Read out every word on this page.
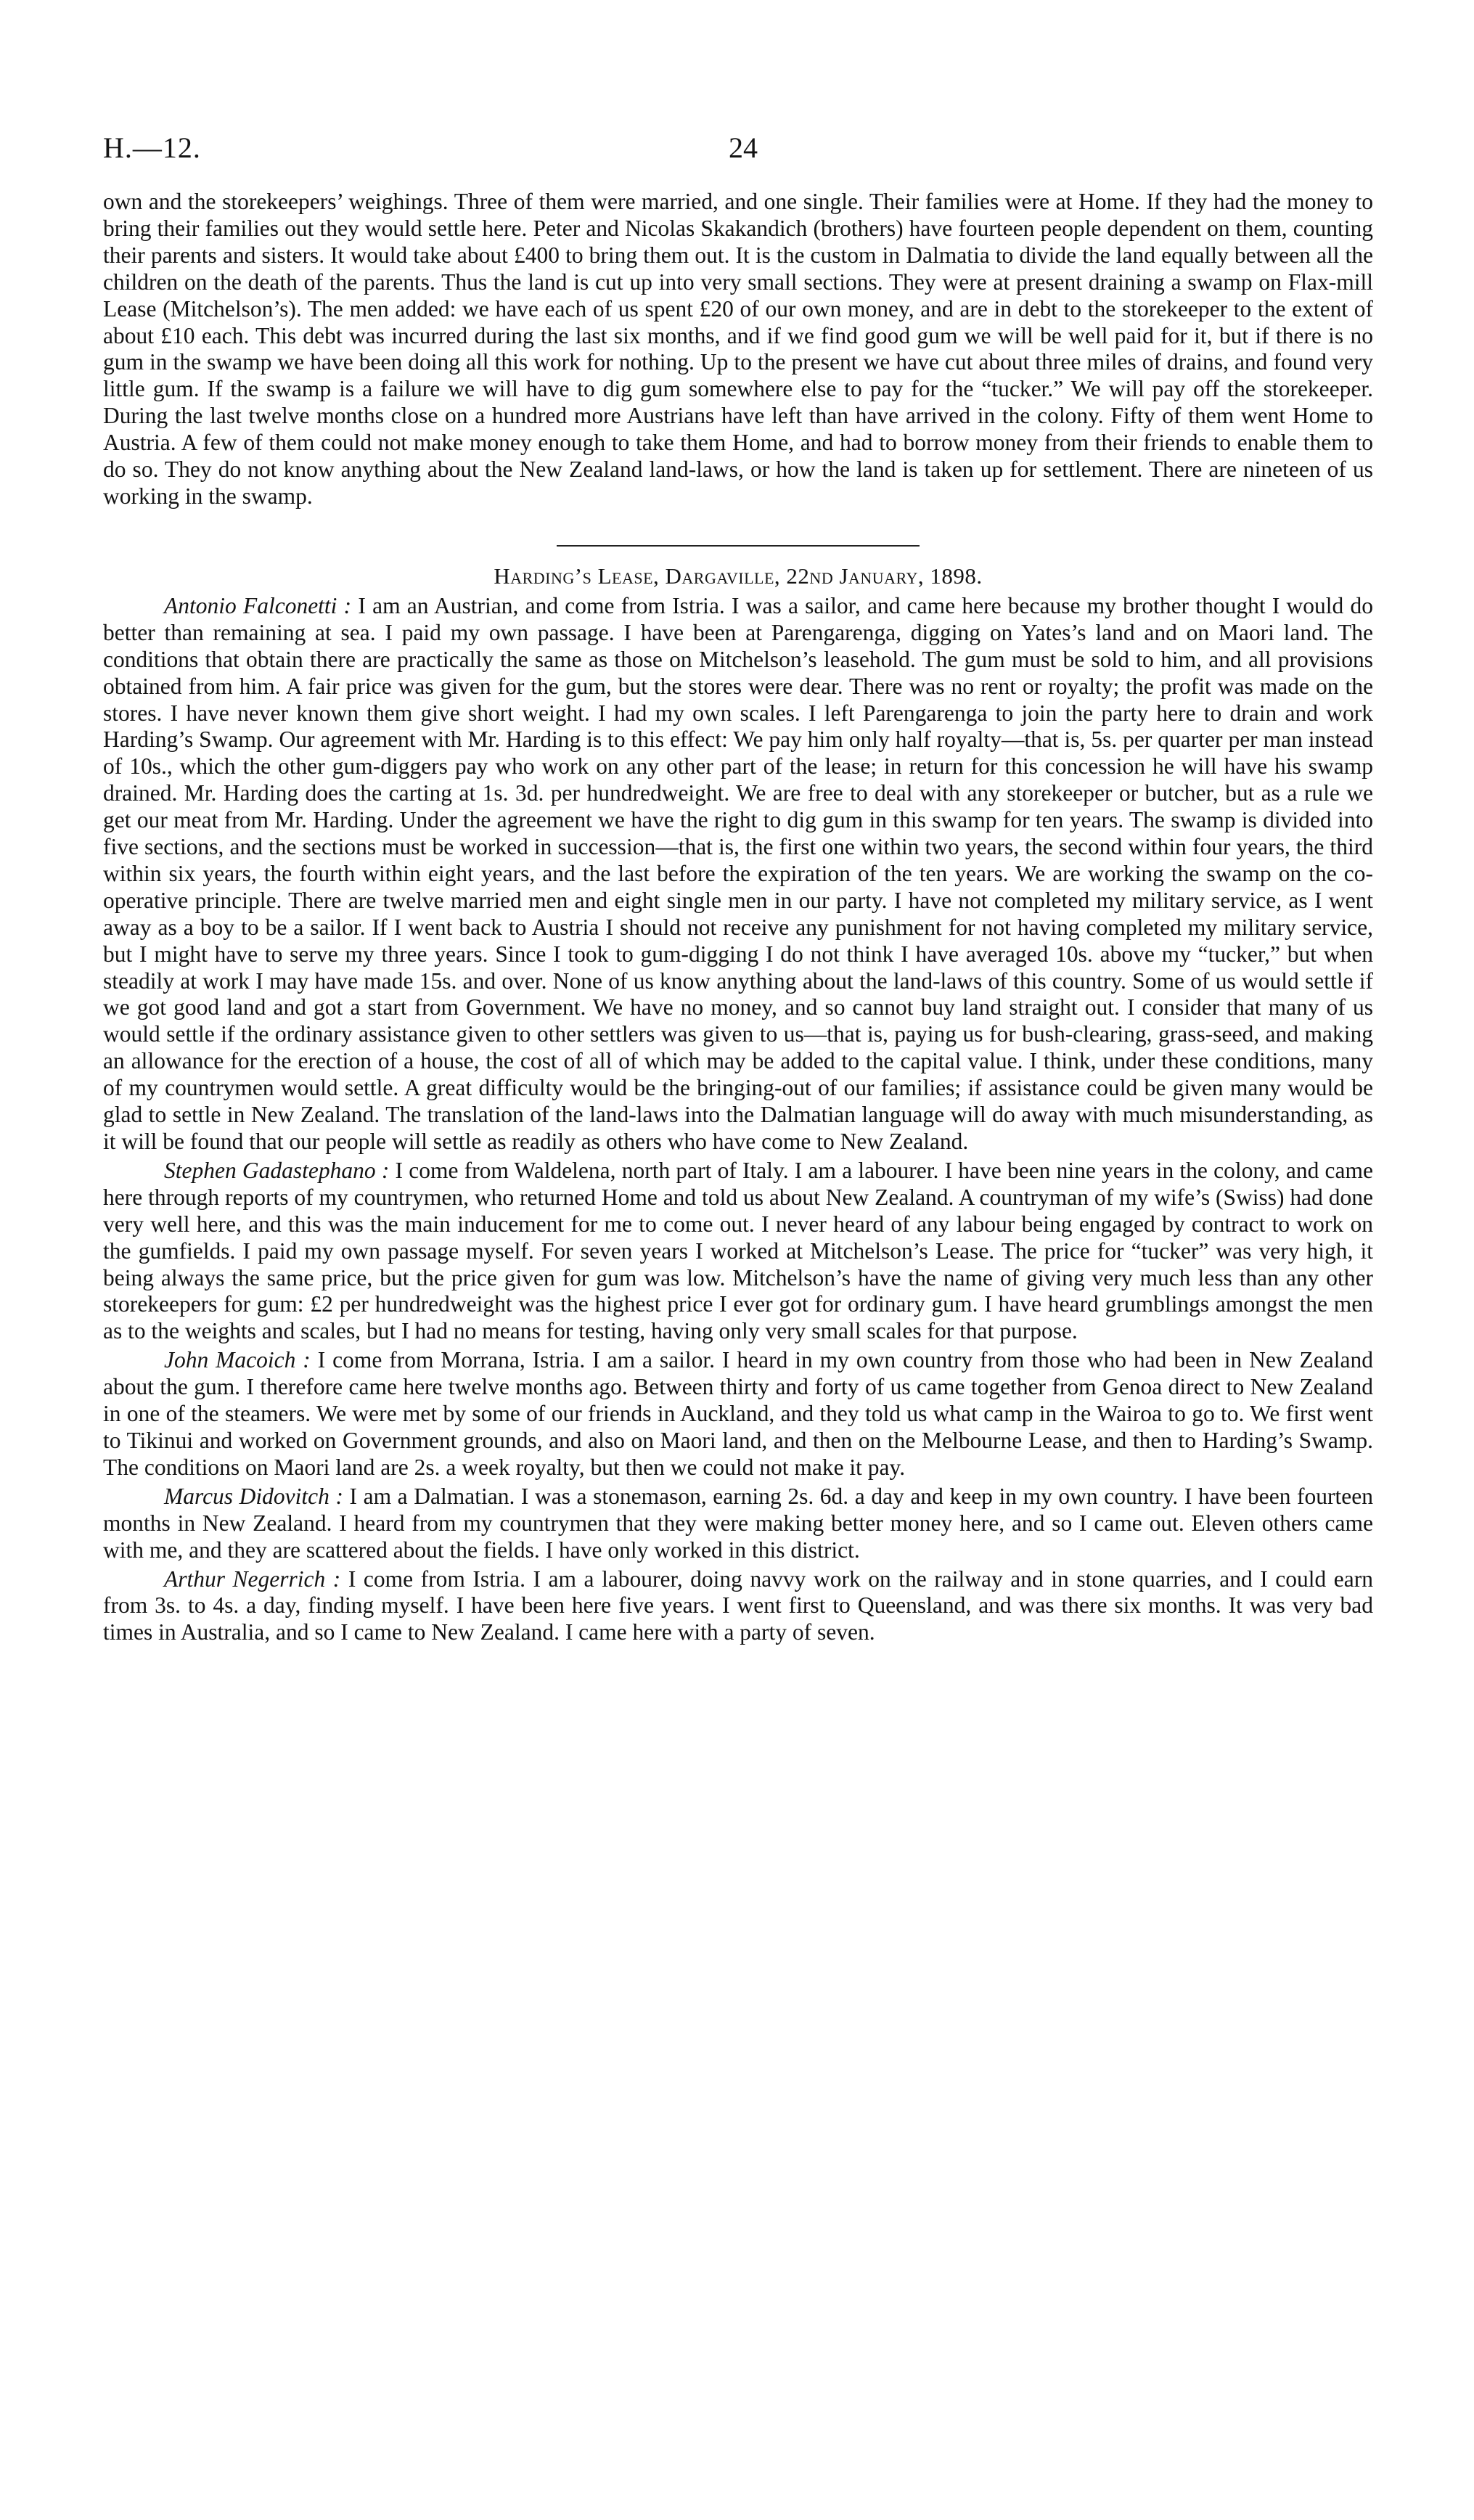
H.—12.	24

own and the storekeepers’ weighings. Three of them were married, and one single. Their families were at Home. If they had the money to bring their families out they would settle here. Peter and Nicolas Skakandich (brothers) have fourteen people dependent on them, counting their parents and sisters. It would take about £400 to bring them out. It is the custom in Dalmatia to divide the land equally between all the children on the death of the parents. Thus the land is cut up into very small sections. They were at present draining a swamp on Flax-mill Lease (Mitchelson’s). The men added: we have each of us spent £20 of our own money, and are in debt to the storekeeper to the extent of about £10 each. This debt was incurred during the last six months, and if we find good gum we will be well paid for it, but if there is no gum in the swamp we have been doing all this work for nothing. Up to the present we have cut about three miles of drains, and found very little gum. If the swamp is a failure we will have to dig gum somewhere else to pay for the “tucker.” We will pay off the storekeeper. During the last twelve months close on a hundred more Austrians have left than have arrived in the colony. Fifty of them went Home to Austria. A few of them could not make money enough to take them Home, and had to borrow money from their friends to enable them to do so. They do not know anything about the New Zealand land-laws, or how the land is taken up for settlement. There are nineteen of us working in the swamp.

Harding’s Lease, Dargaville, 22nd January, 1898.

Antonio Falconetti : I am an Austrian, and come from Istria. I was a sailor, and came here because my brother thought I would do better than remaining at sea. I paid my own passage. I have been at Parengarenga, digging on Yates’s land and on Maori land. The conditions that obtain there are practically the same as those on Mitchelson’s leasehold. The gum must be sold to him, and all provisions obtained from him. A fair price was given for the gum, but the stores were dear. There was no rent or royalty; the profit was made on the stores. I have never known them give short weight. I had my own scales. I left Parengarenga to join the party here to drain and work Harding’s Swamp. Our agreement with Mr. Harding is to this effect: We pay him only half royalty—that is, 5s. per quarter per man instead of 10s., which the other gum-diggers pay who work on any other part of the lease; in return for this concession he will have his swamp drained. Mr. Harding does the carting at 1s. 3d. per hundredweight. We are free to deal with any storekeeper or butcher, but as a rule we get our meat from Mr. Harding. Under the agreement we have the right to dig gum in this swamp for ten years. The swamp is divided into five sections, and the sections must be worked in succession—that is, the first one within two years, the second within four years, the third within six years, the fourth within eight years, and the last before the expiration of the ten years. We are working the swamp on the co-operative principle. There are twelve married men and eight single men in our party. I have not completed my military service, as I went away as a boy to be a sailor. If I went back to Austria I should not receive any punishment for not having completed my military service, but I might have to serve my three years. Since I took to gum-digging I do not think I have averaged 10s. above my “tucker,” but when steadily at work I may have made 15s. and over. None of us know anything about the land-laws of this country. Some of us would settle if we got good land and got a start from Government. We have no money, and so cannot buy land straight out. I consider that many of us would settle if the ordinary assistance given to other settlers was given to us—that is, paying us for bush-clearing, grass-seed, and making an allowance for the erection of a house, the cost of all of which may be added to the capital value. I think, under these conditions, many of my countrymen would settle. A great difficulty would be the bringing-out of our families; if assistance could be given many would be glad to settle in New Zealand. The translation of the land-laws into the Dalmatian language will do away with much misunderstanding, as it will be found that our people will settle as readily as others who have come to New Zealand.

Stephen Gadastephano : I come from Waldelena, north part of Italy. I am a labourer. I have been nine years in the colony, and came here through reports of my countrymen, who returned Home and told us about New Zealand. A countryman of my wife’s (Swiss) had done very well here, and this was the main inducement for me to come out. I never heard of any labour being engaged by contract to work on the gumfields. I paid my own passage myself. For seven years I worked at Mitchelson’s Lease. The price for “tucker” was very high, it being always the same price, but the price given for gum was low. Mitchelson’s have the name of giving very much less than any other storekeepers for gum: £2 per hundredweight was the highest price I ever got for ordinary gum. I have heard grumblings amongst the men as to the weights and scales, but I had no means for testing, having only very small scales for that purpose.

John Macoich : I come from Morrana, Istria. I am a sailor. I heard in my own country from those who had been in New Zealand about the gum. I therefore came here twelve months ago. Between thirty and forty of us came together from Genoa direct to New Zealand in one of the steamers. We were met by some of our friends in Auckland, and they told us what camp in the Wairoa to go to. We first went to Tikinui and worked on Government grounds, and also on Maori land, and then on the Melbourne Lease, and then to Harding’s Swamp. The conditions on Maori land are 2s. a week royalty, but then we could not make it pay.

Marcus Didovitch : I am a Dalmatian. I was a stonemason, earning 2s. 6d. a day and keep in my own country. I have been fourteen months in New Zealand. I heard from my countrymen that they were making better money here, and so I came out. Eleven others came with me, and they are scattered about the fields. I have only worked in this district.

Arthur Negerrich : I come from Istria. I am a labourer, doing navvy work on the railway and in stone quarries, and I could earn from 3s. to 4s. a day, finding myself. I have been here five years. I went first to Queensland, and was there six months. It was very bad times in Australia, and so I came to New Zealand. I came here with a party of seven.
